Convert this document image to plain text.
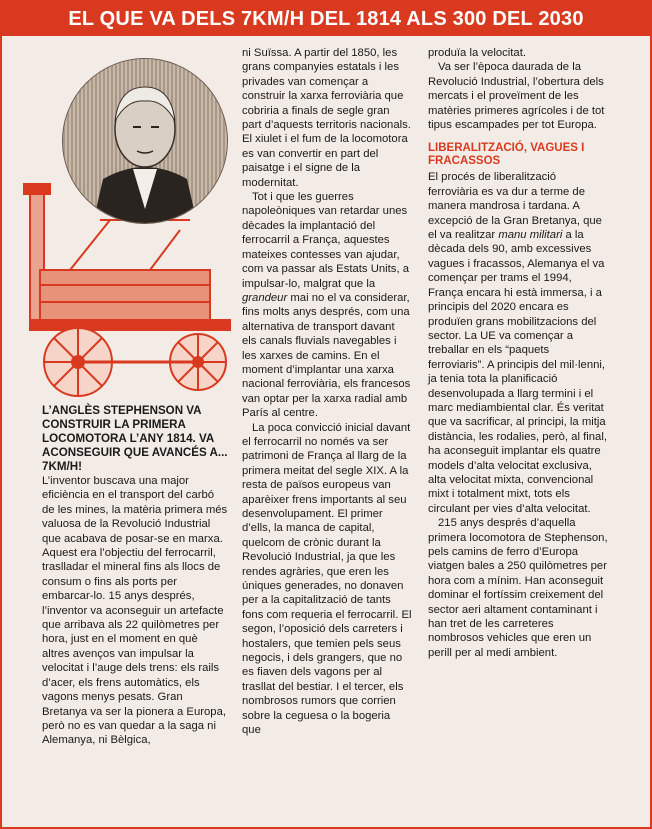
EL QUE VA DELS 7KM/H DEL 1814 ALS 300 DEL 2030

L’ANGLÈS STEPHENSON VA CONSTRUIR LA PRIMERA LOCOMOTORA L’ANY 1814. VA ACONSEGUIR QUE AVANCÉS A... 7KM/H!

L’inventor buscava una major eficiència en el transport del carbó de les mines, la matèria primera més valuosa de la Revolució Industrial que acabava de posar-se en marxa. Aquest era l’objectiu del ferrocarril, traslladar el mineral fins als llocs de consum o fins als ports per embarcar-lo. 15 anys després, l’inventor va aconseguir un artefacte que arribava als 22 quilòmetres per hora, just en el moment en què altres avenços van impulsar la velocitat i l’auge dels trens: els rails d’acer, els frens automàtics, els vagons menys pesats. Gran Bretanya va ser la pionera a Europa, però no es van quedar a la saga ni Alemanya, ni Bèlgica,

ni Suïssa. A partir del 1850, les grans companyies estatals i les privades van començar a construir la xarxa ferroviària que cobriria a finals de segle gran part d’aquests territoris nacionals. El xiulet i el fum de la locomotora es van convertir en part del paisatge i el signe de la modernitat.

Tot i que les guerres napoleòniques van retardar unes dècades la implantació del ferrocarril a França, aquestes mateixes contesses van ajudar, com va passar als Estats Units, a impulsar-lo, malgrat que la grandeur mai no el va considerar, fins molts anys després, com una alternativa de transport davant els canals fluvials navegables i les xarxes de camins. En el moment d’implantar una xarxa nacional ferroviària, els francesos van optar per la xarxa radial amb París al centre.

La poca convicció inicial davant el ferrocarril no només va ser patrimoni de França al llarg de la primera meitat del segle XIX. A la resta de països europeus van aparèixer frens importants al seu desenvolupament. El primer d’ells, la manca de capital, quelcom de crònic durant la Revolució Industrial, ja que les rendes agràries, que eren les úniques generades, no donaven per a la capitalització de tants fons com requeria el ferrocarril. El segon, l’oposició dels carreters i hostalers, que temien pels seus negocis, i dels grangers, que no es fiaven dels vagons per al trasllat del bestiar. I el tercer, els nombrosos rumors que corrien sobre la ceguesa o la bogeria que

produïa la velocitat.

Va ser l’època daurada de la Revolució Industrial, l’obertura dels mercats i el proveïment de les matèries primeres agrícoles i de tot tipus escampades per tot Europa.

LIBERALITZACIÓ, VAGUES I FRACASSOS

El procés de liberalització ferroviària es va dur a terme de manera mandrosa i tardana. A excepció de la Gran Bretanya, que el va realitzar manu militari a la dècada dels 90, amb excessives vagues i fracassos, Alemanya el va començar per trams el 1994, França encara hi està immersa, i a principis del 2020 encara es produïen grans mobilitzacions del sector. La UE va començar a treballar en els “paquets ferroviaris”. A principis del mil·lenni, ja tenia tota la planificació desenvolupada a llarg termini i el marc mediambiental clar. És veritat que va sacrificar, al principi, la mitja distància, les rodalies, però, al final, ha aconseguit implantar els quatre models d’alta velocitat exclusiva, alta velocitat mixta, convencional mixt i totalment mixt, tots els circulant per vies d’alta velocitat.

215 anys després d’aquella primera locomotora de Stephenson, pels camins de ferro d’Europa viatgen bales a 250 quilòmetres per hora com a mínim. Han aconseguit dominar el fortíssim creixement del sector aeri altament contaminant i han tret de les carreteres nombrosos vehicles que eren un perill per al medi ambient.
